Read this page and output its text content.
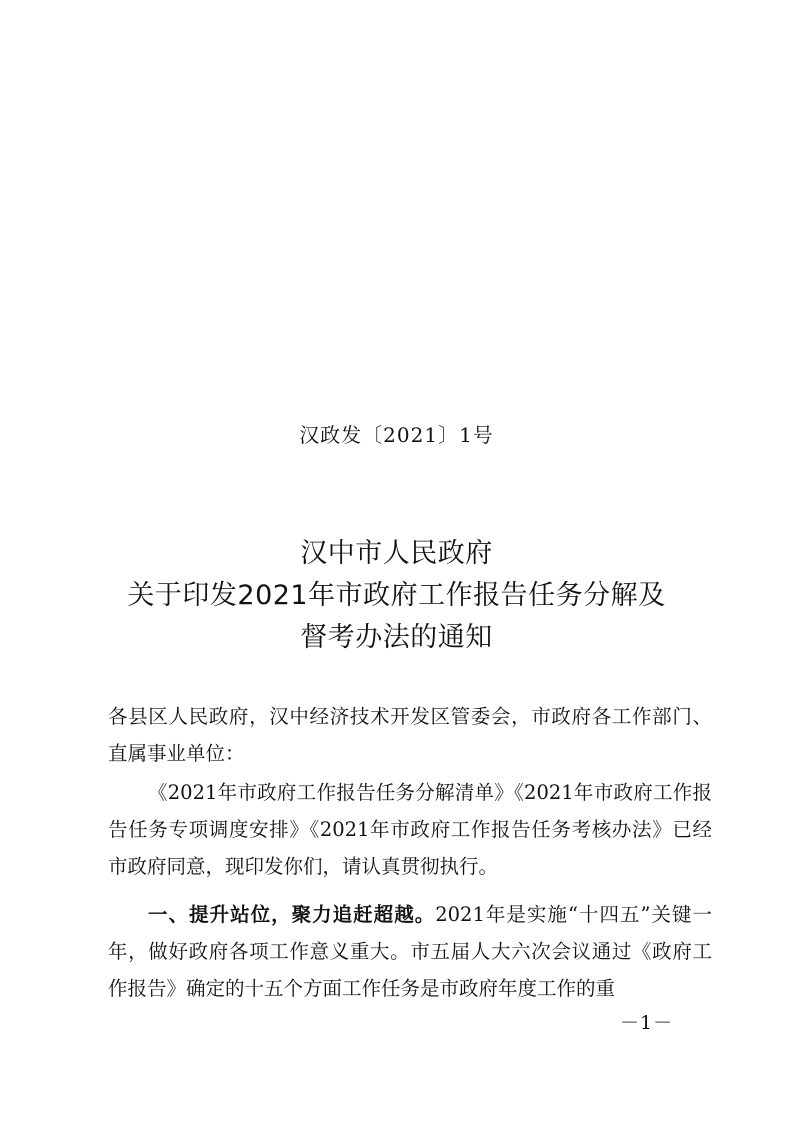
汉政发〔2021〕1号
汉中市人民政府
关于印发2021年市政府工作报告任务分解及
督考办法的通知
各县区人民政府，汉中经济技术开发区管委会，市政府各工作部门、直属事业单位：
《2021年市政府工作报告任务分解清单》《2021年市政府工作报告任务专项调度安排》《2021年市政府工作报告任务考核办法》已经市政府同意，现印发你们，请认真贯彻执行。
一、提升站位，聚力追赶超越。2021年是实施“十四五”关键一年，做好政府各项工作意义重大。市五届人大六次会议通过《政府工作报告》确定的十五个方面工作任务是市政府年度工作的重
－1－
